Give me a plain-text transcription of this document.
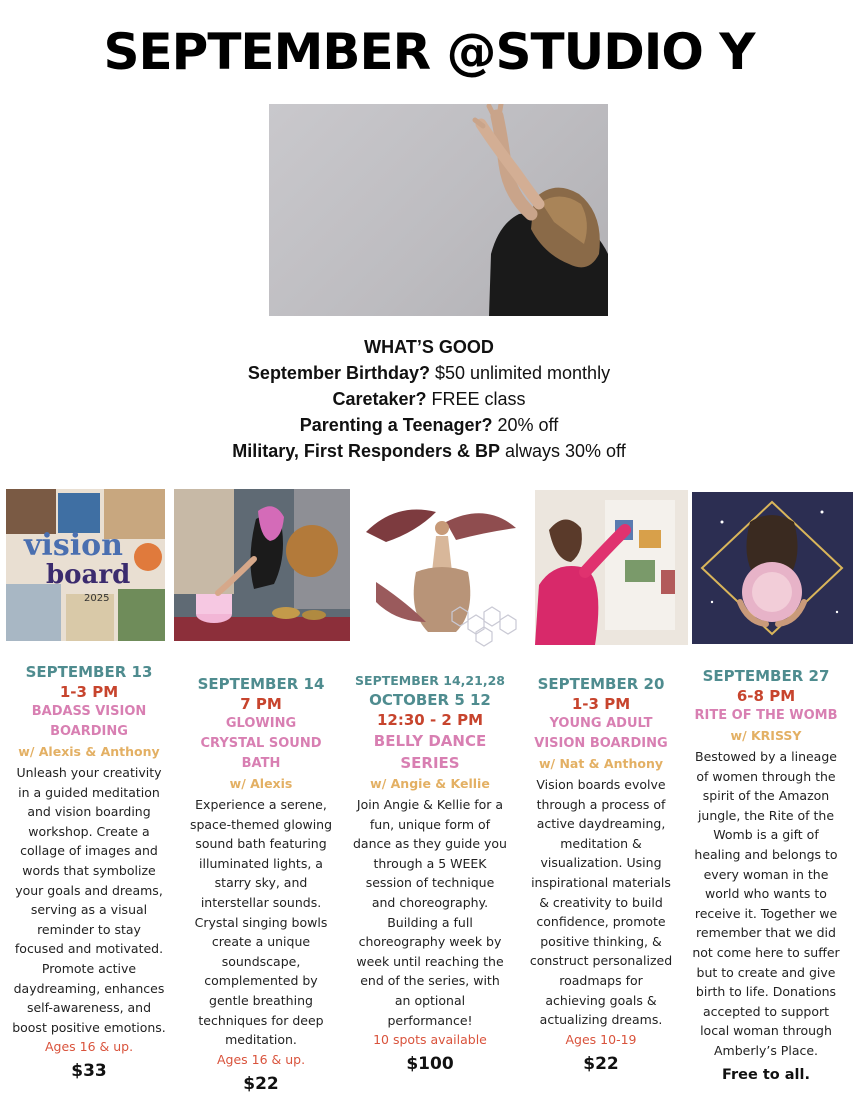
SEPTEMBER @STUDIO Y
WHAT’S GOOD
September Birthday? $50 unlimited monthly
Caretaker? FREE class
Parenting a Teenager? 20% off
Military, First Responders & BP always 30% off
vision
board
2025
SEPTEMBER 13
1-3 PM
BADASS VISION BOARDING
w/ Alexis & Anthony
Unleash your creativity in a guided meditation and vision boarding workshop. Create a collage of images and words that symbolize your goals and dreams, serving as a visual reminder to stay focused and motivated. Promote active daydreaming, enhances self-awareness, and boost positive emotions.
Ages 16 & up.
$33
SEPTEMBER 14
7 PM
GLOWING CRYSTAL SOUND BATH
w/ Alexis
Experience a serene, space-themed glowing sound bath featuring illuminated lights, a starry sky, and interstellar sounds. Crystal singing bowls create a unique soundscape, complemented by gentle breathing techniques for deep meditation.
Ages 16 & up.
$22
SEPTEMBER 14,21,28
OCTOBER 5 12
12:30 - 2 PM
BELLY DANCE SERIES
w/ Angie & Kellie
Join Angie & Kellie for a fun, unique form of dance as they guide you through a 5 WEEK session of technique and choreography. Building a full choreography week by week until reaching the end of the series, with an optional performance!
10 spots available
$100
SEPTEMBER 20
1-3 PM
YOUNG ADULT VISION BOARDING
w/ Nat & Anthony
Vision boards evolve through a process of active daydreaming, meditation & visualization. Using inspirational materials & creativity to build confidence, promote positive thinking, & construct personalized roadmaps for achieving goals & actualizing dreams.
Ages 10-19
$22
SEPTEMBER 27
6-8 PM
RITE OF THE WOMB
w/ KRISSY
Bestowed by a lineage of women through the spirit of the Amazon jungle, the Rite of the Womb is a gift of healing and belongs to every woman in the world who wants to receive it. Together we remember that we did not come here to suffer but to create and give birth to life. Donations accepted to support local woman through Amberly’s Place.
Free to all.
